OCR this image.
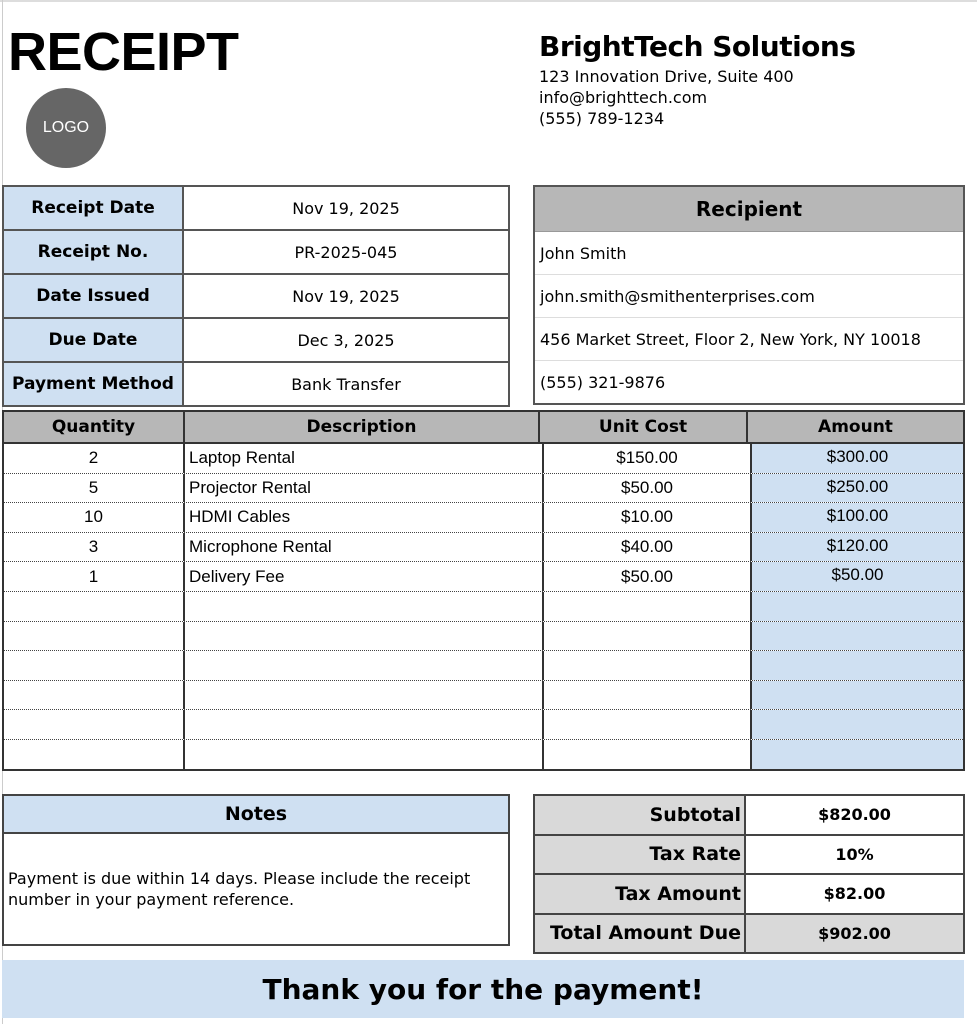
RECEIPT
LOGO
BrightTech Solutions
123 Innovation Drive, Suite 400
info@brighttech.com
(555) 789-1234
Receipt Date	Nov 19, 2025
Receipt No.	PR-2025-045
Date Issued	Nov 19, 2025
Due Date	Dec 3, 2025
Payment Method	Bank Transfer
Recipient
John Smith
john.smith@smithenterprises.com
456 Market Street, Floor 2, New York, NY 10018
(555) 321-9876
Quantity	Description	Unit Cost	Amount
2	Laptop Rental	$150.00	$300.00
5	Projector Rental	$50.00	$250.00
10	HDMI Cables	$10.00	$100.00
3	Microphone Rental	$40.00	$120.00
1	Delivery Fee	$50.00	$50.00
Notes
Payment is due within 14 days. Please include the receipt number in your payment reference.
Subtotal	$820.00
Tax Rate	10%
Tax Amount	$82.00
Total Amount Due	$902.00
Thank you for the payment!
